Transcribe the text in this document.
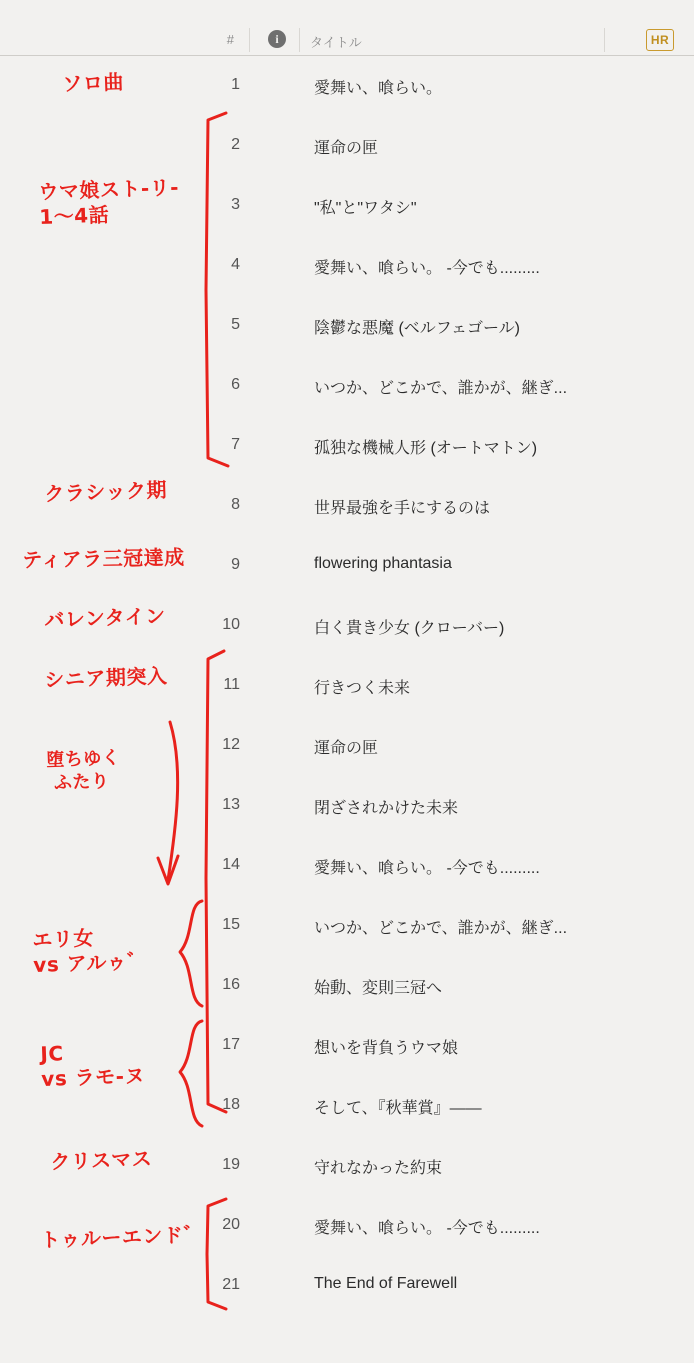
#	i	タイトル	HR
1	愛舞い、喰らい。
2	運命の匣
3	"私"と"ワタシ"
4	愛舞い、喰らい。 -今でも.........
5	陰鬱な悪魔 (ベルフェゴール)
6	いつか、どこかで、誰かが、継ぎ...
7	孤独な機械人形 (オートマトン)
8	世界最強を手にするのは
9	flowering phantasia
10	白く貴き少女 (クローバー)
11	行きつく未来
12	運命の匣
13	閉ざされかけた未来
14	愛舞い、喰らい。 -今でも.........
15	いつか、どこかで、誰かが、継ぎ...
16	始動、変則三冠へ
17	想いを背負うウマ娘
18	そして、『秋華賞』——
19	守れなかった約束
20	愛舞い、喰らい。 -今でも.........
21	The End of Farewell
ソロ曲
ウマ娘スト-リ-
1～4話
クラシック期
ティアラ三冠達成
バレンタイン
シニア期突入
堕ちゆく
ふたり
エリ女
vs アルゥ゛
JC
vs ラモ-ヌ
クリスマス
トゥルーエンド゛
